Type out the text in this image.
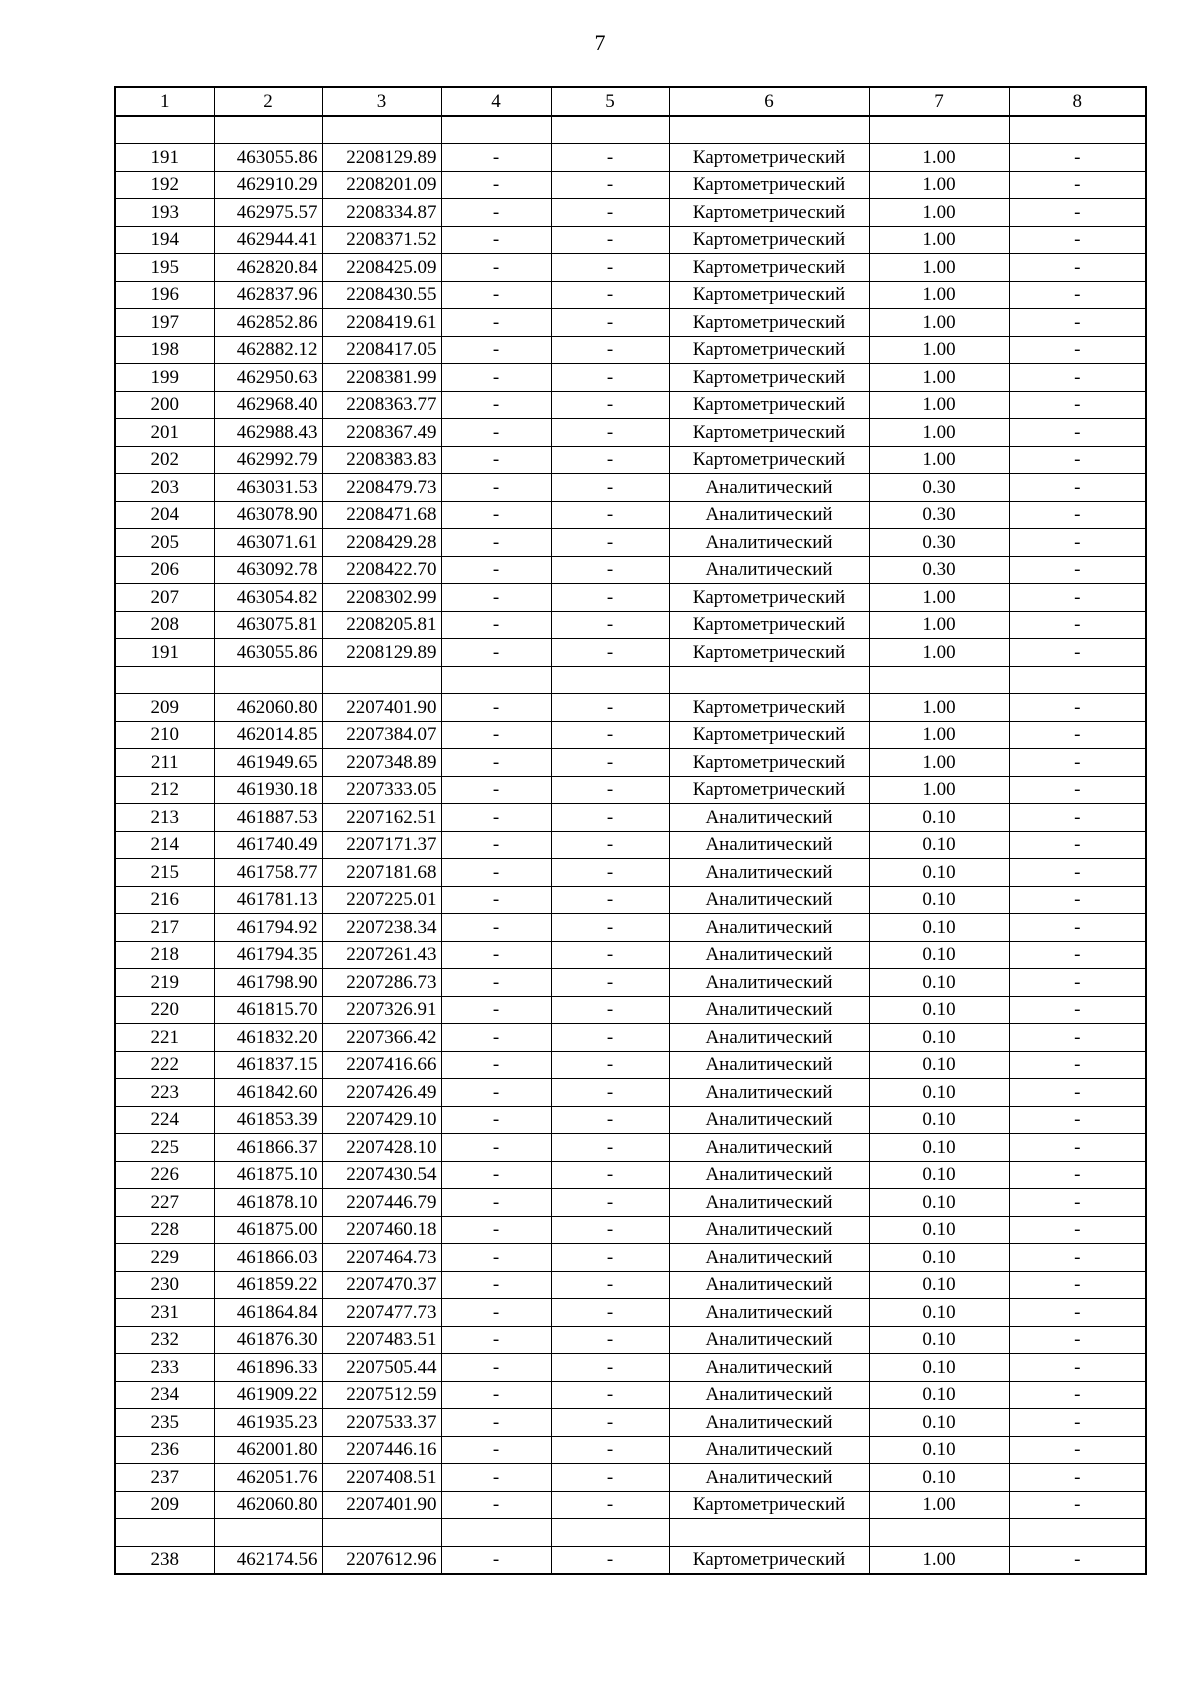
7
1	2	3	4	5	6	7	8

191	463055.86	2208129.89	-	-	Картометрический	1.00	-
192	462910.29	2208201.09	-	-	Картометрический	1.00	-
193	462975.57	2208334.87	-	-	Картометрический	1.00	-
194	462944.41	2208371.52	-	-	Картометрический	1.00	-
195	462820.84	2208425.09	-	-	Картометрический	1.00	-
196	462837.96	2208430.55	-	-	Картометрический	1.00	-
197	462852.86	2208419.61	-	-	Картометрический	1.00	-
198	462882.12	2208417.05	-	-	Картометрический	1.00	-
199	462950.63	2208381.99	-	-	Картометрический	1.00	-
200	462968.40	2208363.77	-	-	Картометрический	1.00	-
201	462988.43	2208367.49	-	-	Картометрический	1.00	-
202	462992.79	2208383.83	-	-	Картометрический	1.00	-
203	463031.53	2208479.73	-	-	Аналитический	0.30	-
204	463078.90	2208471.68	-	-	Аналитический	0.30	-
205	463071.61	2208429.28	-	-	Аналитический	0.30	-
206	463092.78	2208422.70	-	-	Аналитический	0.30	-
207	463054.82	2208302.99	-	-	Картометрический	1.00	-
208	463075.81	2208205.81	-	-	Картометрический	1.00	-
191	463055.86	2208129.89	-	-	Картометрический	1.00	-

209	462060.80	2207401.90	-	-	Картометрический	1.00	-
210	462014.85	2207384.07	-	-	Картометрический	1.00	-
211	461949.65	2207348.89	-	-	Картометрический	1.00	-
212	461930.18	2207333.05	-	-	Картометрический	1.00	-
213	461887.53	2207162.51	-	-	Аналитический	0.10	-
214	461740.49	2207171.37	-	-	Аналитический	0.10	-
215	461758.77	2207181.68	-	-	Аналитический	0.10	-
216	461781.13	2207225.01	-	-	Аналитический	0.10	-
217	461794.92	2207238.34	-	-	Аналитический	0.10	-
218	461794.35	2207261.43	-	-	Аналитический	0.10	-
219	461798.90	2207286.73	-	-	Аналитический	0.10	-
220	461815.70	2207326.91	-	-	Аналитический	0.10	-
221	461832.20	2207366.42	-	-	Аналитический	0.10	-
222	461837.15	2207416.66	-	-	Аналитический	0.10	-
223	461842.60	2207426.49	-	-	Аналитический	0.10	-
224	461853.39	2207429.10	-	-	Аналитический	0.10	-
225	461866.37	2207428.10	-	-	Аналитический	0.10	-
226	461875.10	2207430.54	-	-	Аналитический	0.10	-
227	461878.10	2207446.79	-	-	Аналитический	0.10	-
228	461875.00	2207460.18	-	-	Аналитический	0.10	-
229	461866.03	2207464.73	-	-	Аналитический	0.10	-
230	461859.22	2207470.37	-	-	Аналитический	0.10	-
231	461864.84	2207477.73	-	-	Аналитический	0.10	-
232	461876.30	2207483.51	-	-	Аналитический	0.10	-
233	461896.33	2207505.44	-	-	Аналитический	0.10	-
234	461909.22	2207512.59	-	-	Аналитический	0.10	-
235	461935.23	2207533.37	-	-	Аналитический	0.10	-
236	462001.80	2207446.16	-	-	Аналитический	0.10	-
237	462051.76	2207408.51	-	-	Аналитический	0.10	-
209	462060.80	2207401.90	-	-	Картометрический	1.00	-

238	462174.56	2207612.96	-	-	Картометрический	1.00	-
